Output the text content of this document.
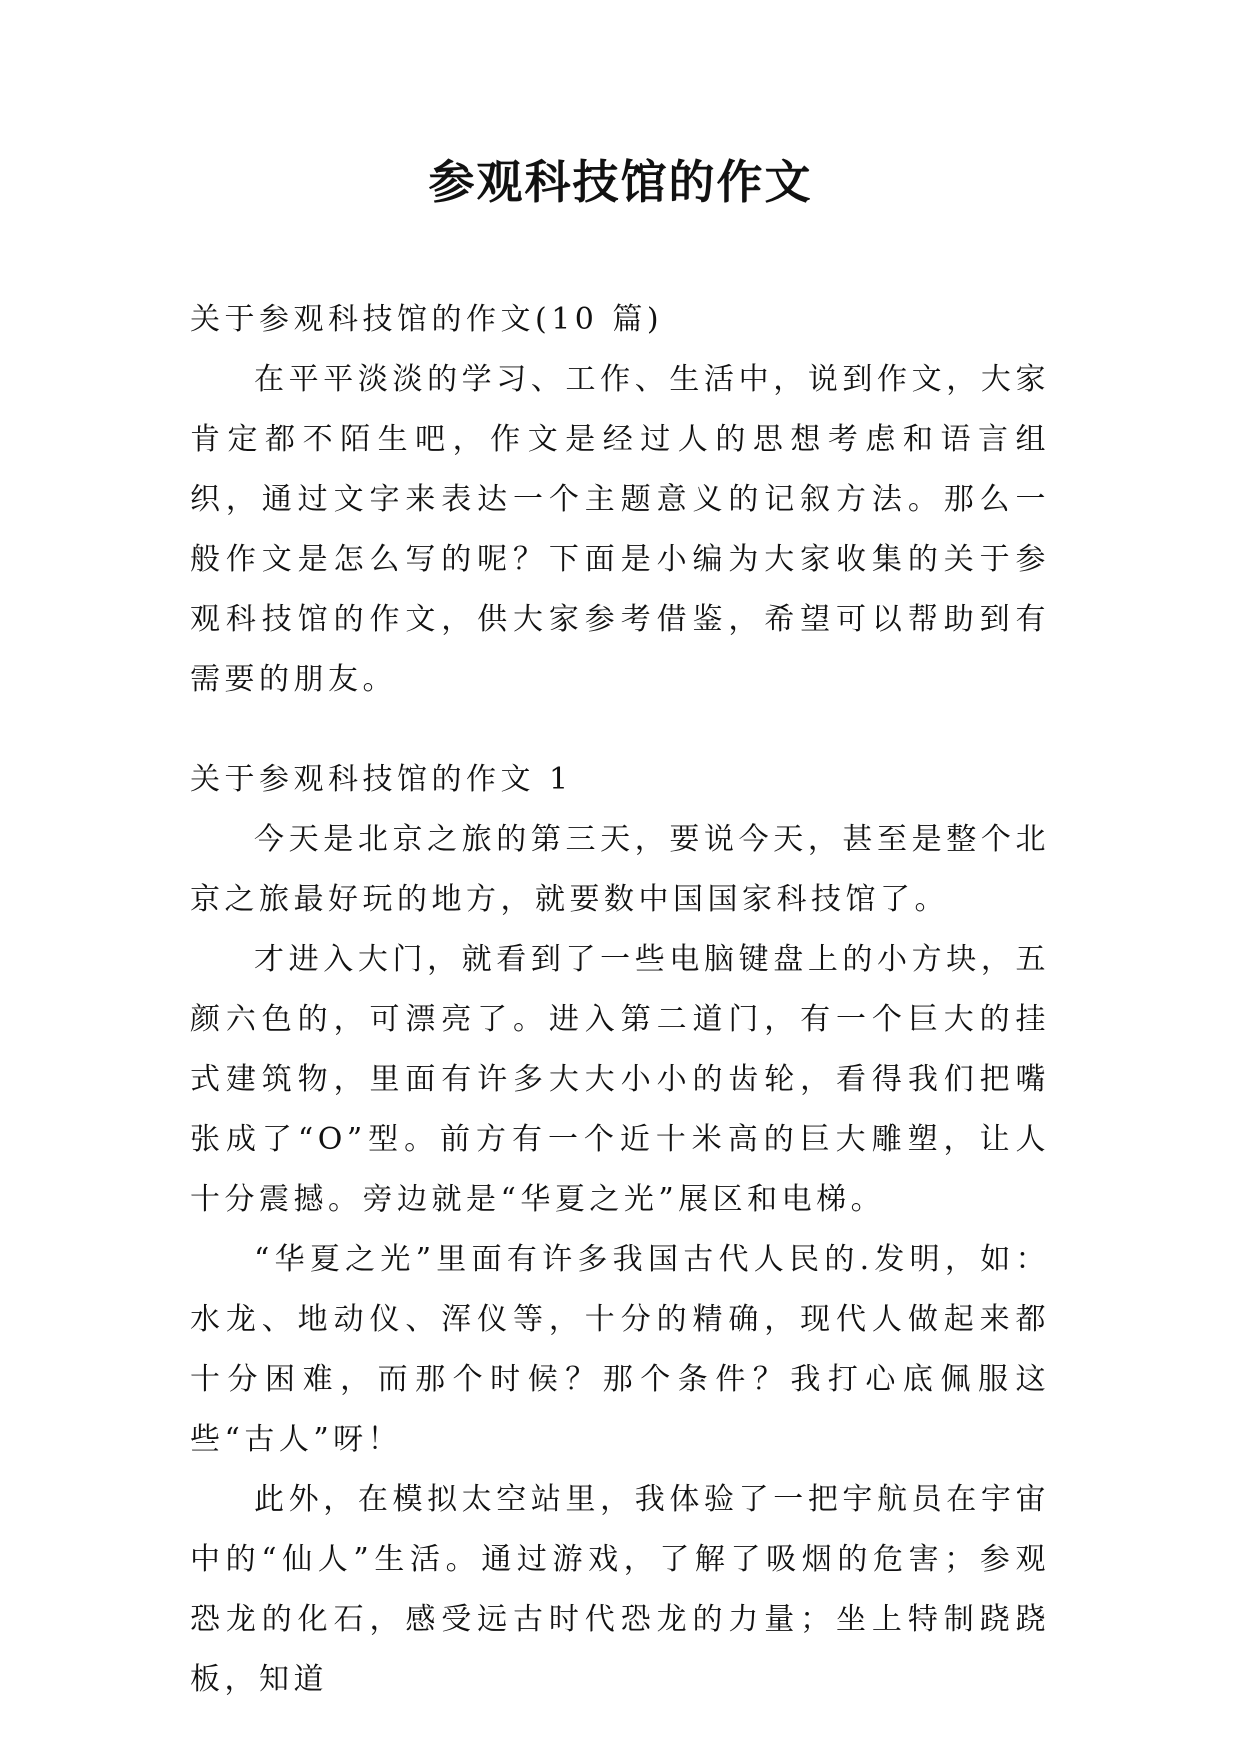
参观科技馆的作文

关于参观科技馆的作文(10 篇)

在平平淡淡的学习、工作、生活中，说到作文，大家肯定都不陌生吧，作文是经过人的思想考虑和语言组织，通过文字来表达一个主题意义的记叙方法。那么一般作文是怎么写的呢？下面是小编为大家收集的关于参观科技馆的作文，供大家参考借鉴，希望可以帮助到有需要的朋友。

关于参观科技馆的作文 1

今天是北京之旅的第三天，要说今天，甚至是整个北京之旅最好玩的地方，就要数中国国家科技馆了。

才进入大门，就看到了一些电脑键盘上的小方块，五颜六色的，可漂亮了。进入第二道门，有一个巨大的挂式建筑物，里面有许多大大小小的齿轮，看得我们把嘴张成了“O”型。前方有一个近十米高的巨大雕塑，让人十分震撼。旁边就是“华夏之光”展区和电梯。

“华夏之光”里面有许多我国古代人民的.发明，如：水龙、地动仪、浑仪等，十分的精确，现代人做起来都十分困难，而那个时候？那个条件？我打心底佩服这些“古人”呀！

此外，在模拟太空站里，我体验了一把宇航员在宇宙中的“仙人”生活。通过游戏，了解了吸烟的危害；参观恐龙的化石，感受远古时代恐龙的力量；坐上特制跷跷板，知道
